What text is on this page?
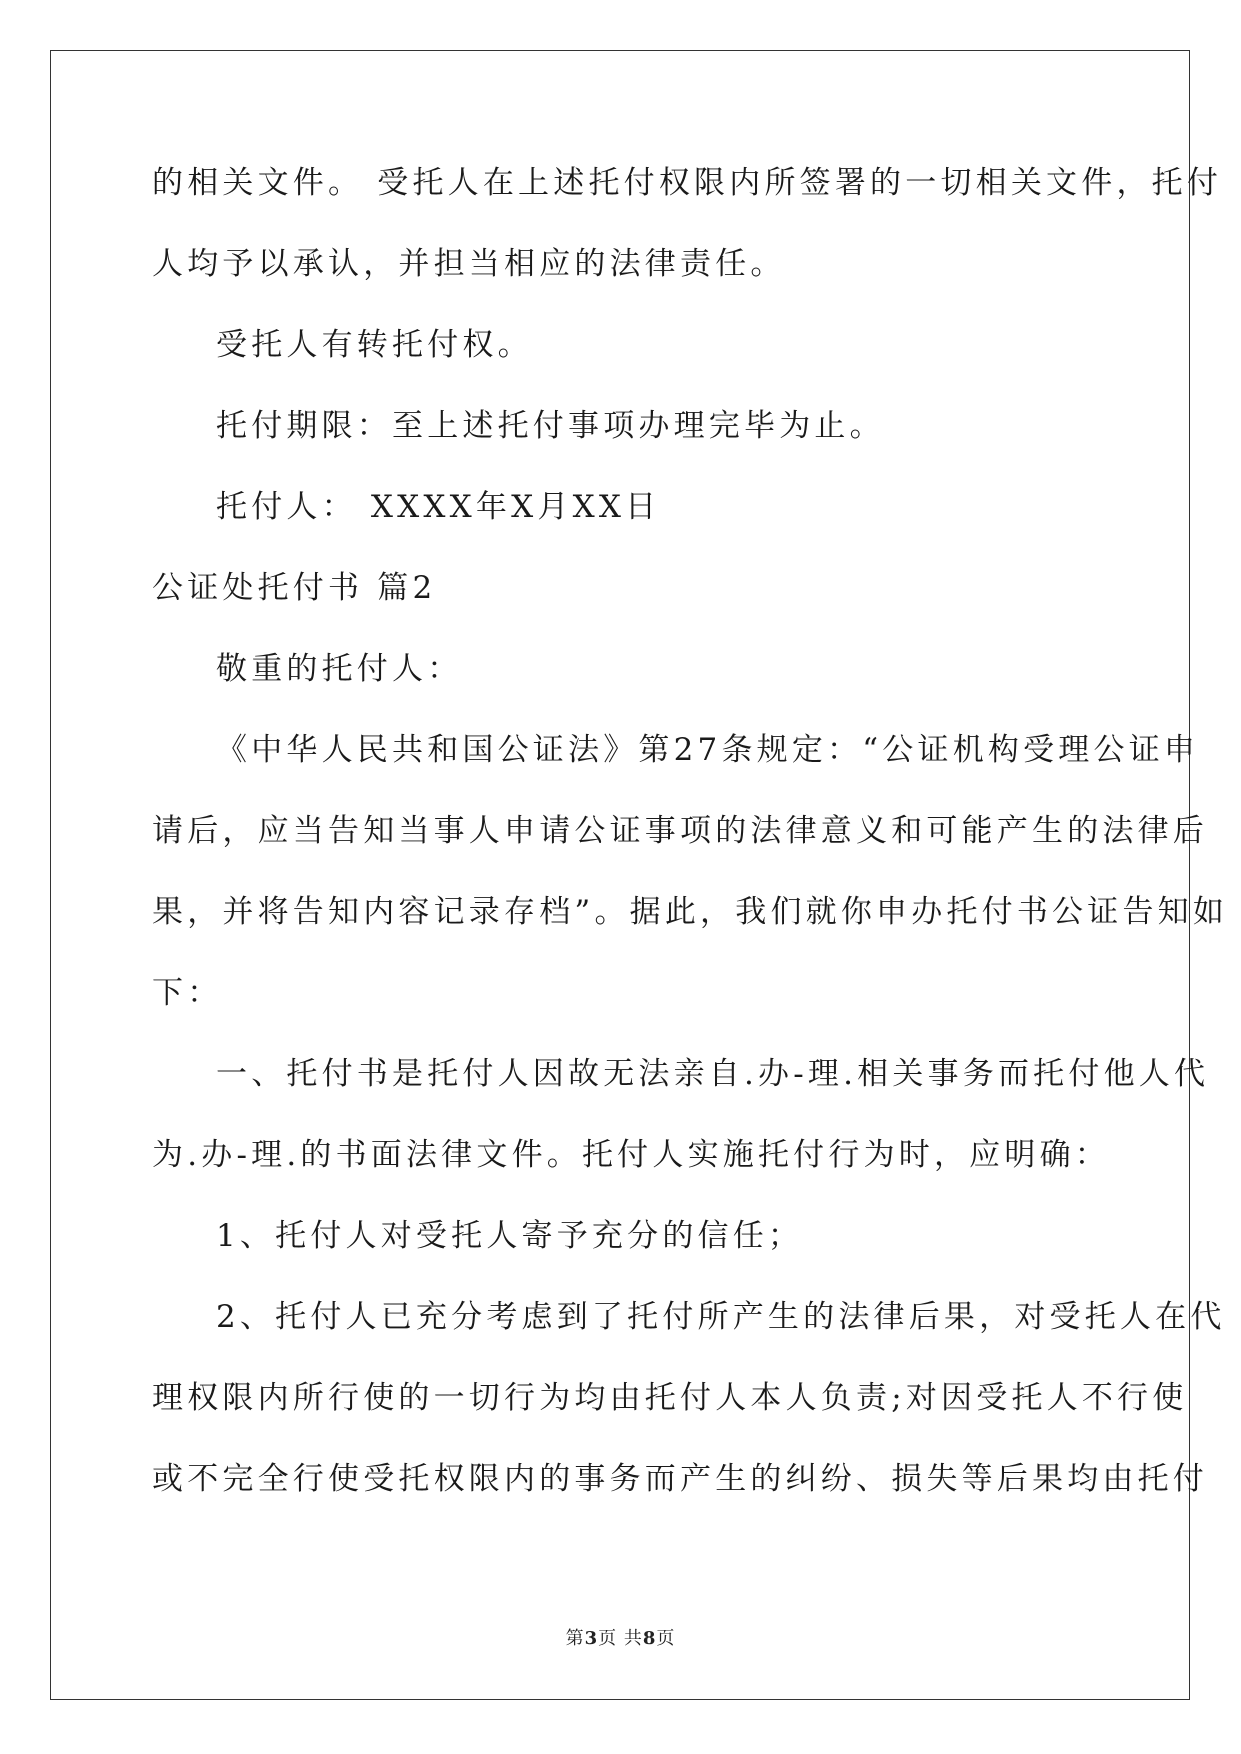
的相关文件。 受托人在上述托付权限内所签署的一切相关文件，托付
人均予以承认，并担当相应的法律责任。
受托人有转托付权。
托付期限：至上述托付事项办理完毕为止。
托付人： XXXX年X月XX日
公证处托付书 篇2
敬重的托付人：
《中华人民共和国公证法》第27条规定：“公证机构受理公证申
请后，应当告知当事人申请公证事项的法律意义和可能产生的法律后
果，并将告知内容记录存档”。据此，我们就你申办托付书公证告知如
下：
一、托付书是托付人因故无法亲自.办-理.相关事务而托付他人代
为.办-理.的书面法律文件。托付人实施托付行为时，应明确：
1、托付人对受托人寄予充分的信任；
2、托付人已充分考虑到了托付所产生的法律后果，对受托人在代
理权限内所行使的一切行为均由托付人本人负责;对因受托人不行使
或不完全行使受托权限内的事务而产生的纠纷、损失等后果均由托付
第3页 共8页
